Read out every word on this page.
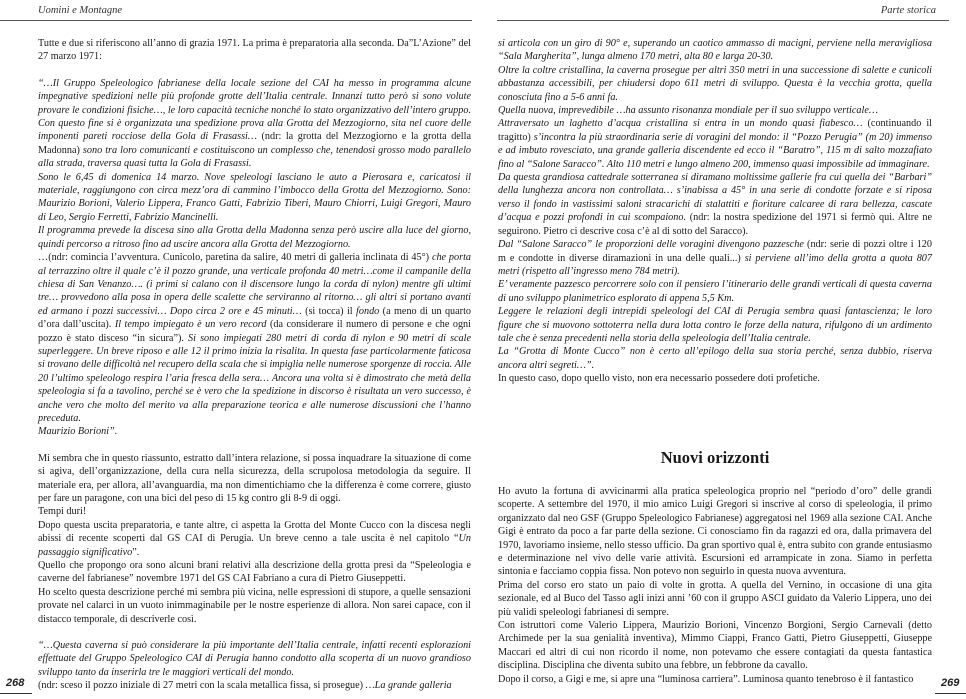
Uomini e Montagne

Tutte e due si riferiscono all’anno di grazia 1971. La prima è preparatoria alla seconda. Da”L’Azione” del 27 marzo 1971:

“…Il Gruppo Speleologico fabrianese della locale sezione del CAI ha messo in programma alcune impegnative spedizioni nelle più profonde grotte dell’Italia centrale. Innanzi tutto però si sono volute provare le condizioni fisiche…, le loro capacità tecniche nonché lo stato organizzativo dell’intero gruppo. Con questo fine si è organizzata una spedizione prova alla Grotta del Mezzogiorno, sita nel cuore delle imponenti pareti rocciose della Gola di Frasassi… (ndr: la grotta del Mezzogiorno e la grotta della Madonna) sono tra loro comunicanti e costituiscono un complesso che, tenendosi grosso modo parallelo alla strada, traversa quasi tutta la Gola di Frasassi.

Sono le 6,45 di domenica 14 marzo. Nove speleologi lasciano le auto a Pierosara e, caricatosi il materiale, raggiungono con circa mezz’ora di cammino l’imbocco della Grotta del Mezzogiorno. Sono: Maurizio Borioni, Valerio Lippera, Franco Gatti, Fabrizio Tiberi, Mauro Chiorri, Luigi Gregori, Mauro di Leo, Sergio Ferretti, Fabrizio Mancinelli.

Il programma prevede la discesa sino alla Grotta della Madonna senza però uscire alla luce del giorno, quindi percorso a ritroso fino ad uscire ancora alla Grotta del Mezzogiorno.

…(ndr: comincia l’avventura. Cunicolo, paretina da salire, 40 metri di galleria inclinata di 45°) che porta al terrazzino oltre il quale c’è il pozzo grande, una verticale profonda 40 metri…come il campanile della chiesa di San Venanzo…. (i primi si calano con il discensore lungo la corda di nylon) mentre gli ultimi tre… provvedono alla posa in opera delle scalette che serviranno al ritorno… gli altri si portano avanti ed armano i pozzi successivi… Dopo circa 2 ore e 45 minuti… (si tocca) il fondo (a meno di un quarto d’ora dall’uscita). Il tempo impiegato è un vero record (da considerare il numero di persone e che ogni pozzo è stato disceso “in sicura”). Si sono impiegati 280 metri di corda di nylon e 90 metri di scale superleggere. Un breve riposo e alle 12 il primo inizia la risalita. In questa fase particolarmente faticosa si trovano delle difficoltà nel recupero della scala che si impiglia nelle numerose sporgenze di roccia. Alle 20 l’ultimo speleologo respira l’aria fresca della sera… Ancora una volta si è dimostrato che metà della speleologia si fa a tavolino, perché se è vero che la spedizione in discorso è risultata un vero successo, è anche vero che molto del merito va alla preparazione teorica e alle numerose discussioni che l’hanno preceduta.

Maurizio Borioni”.

Mi sembra che in questo riassunto, estratto dall’intera relazione, si possa inquadrare la situazione di come si agiva, dell’organizzazione, della cura nella sicurezza, della scrupolosa metodologia da seguire. Il materiale era, per allora, all’avanguardia, ma non dimentichiamo che la differenza è come correre, giusto per fare un paragone, con una bici del peso di 15 kg contro gli 8-9 di oggi.

Tempi duri!

Dopo questa uscita preparatoria, e tante altre, ci aspetta la Grotta del Monte Cucco con la discesa negli abissi di recente scoperti dal GS CAI di Perugia. Un breve cenno a tale uscita è nel capitolo “Un passaggio significativo”.

Quello che propongo ora sono alcuni brani relativi alla descrizione della grotta presi da “Speleologia e caverne del fabrianese” novembre 1971 del GS CAI Fabriano a cura di Pietro Giuseppetti.

Ho scelto questa descrizione perché mi sembra più vicina, nelle espressioni di stupore, a quelle sensazioni provate nel calarci in un vuoto inimmaginabile per le nostre esperienze di allora. Non sarei capace, con il distacco temporale, di descriverle così.

“…Questa caverna si può considerare la più importante dell’Italia centrale, infatti recenti esplorazioni effettuate del Gruppo Speleologico CAI di Perugia hanno condotto alla scoperta di un nuovo grandioso sviluppo tanto da inserirla tre le maggiori verticali del mondo.

(ndr: sceso il pozzo iniziale di 27 metri con la scala metallica fissa, si prosegue) …La grande galleria

268
Parte storica

si articola con un giro di 90° e, superando un caotico ammasso di macigni, perviene nella meravigliosa “Sala Margherita”, lunga almeno 170 metri, alta 80 e larga 20-30.

Oltre la coltre cristallina, la caverna prosegue per altri 350 metri in una successione di salette e cunicoli abbastanza accessibili, per chiudersi dopo 611 metri di sviluppo. Questa è la vecchia grotta, quella conosciuta fino a 5-6 anni fa.

Quella nuova, imprevedibile …ha assunto risonanza mondiale per il suo sviluppo verticale…

Attraversato un laghetto d’acqua cristallina si entra in un mondo quasi fiabesco… (continuando il tragitto) s’incontra la più straordinaria serie di voragini del mondo: il “Pozzo Perugia” (m 20) immenso e ad imbuto rovesciato, una grande galleria discendente ed ecco il “Baratro”, 115 m di salto mozzafiato fino al “Salone Saracco”. Alto 110 metri e lungo almeno 200, immenso quasi impossibile ad immaginare.

Da questa grandiosa cattedrale sotterranea si diramano moltissime gallerie fra cui quella dei “Barbari” della lunghezza ancora non controllata… s’inabissa a 45° in una serie di condotte forzate e si riposa verso il fondo in vastissimi saloni stracarichi di stalattiti e fioriture calcaree di rara bellezza, cascate d’acqua e pozzi profondi in cui scompaiono. (ndr: la nostra spedizione del 1971 si fermò qui. Altre ne seguirono. Pietro ci descrive cosa c’è al di sotto del Saracco).

Dal “Salone Saracco” le proporzioni delle voragini divengono pazzesche (ndr: serie di pozzi oltre i 120 m e condotte in diverse diramazioni in una delle quali...) si perviene all’imo della grotta a quota 807 metri (rispetto all’ingresso meno 784 metri).

E’ veramente pazzesco percorrere solo con il pensiero l’itinerario delle grandi verticali di questa caverna di uno sviluppo planimetrico esplorato di appena 5,5 Km.

Leggere le relazioni degli intrepidi speleologi del CAI di Perugia sembra quasi fantascienza; le loro figure che si muovono sottoterra nella dura lotta contro le forze della natura, rifulgono di un ardimento tale che è senza precedenti nella storia della speleologia dell’Italia centrale.

La “Grotta di Monte Cucco” non è certo all’epilogo della sua storia perché, senza dubbio, riserva ancora altri segreti…”.

In questo caso, dopo quello visto, non era necessario possedere doti profetiche.

Nuovi orizzonti

Ho avuto la fortuna di avvicinarmi alla pratica speleologica proprio nel “periodo d’oro” delle grandi scoperte. A settembre del 1970, il mio amico Luigi Gregori si inscrive al corso di speleologia, il primo organizzato dal neo GSF (Gruppo Speleologico Fabrianese) aggregatosi nel 1969 alla sezione CAI. Anche Gigi è entrato da poco a far parte della sezione. Ci conosciamo fin da ragazzi ed ora, dalla primavera del 1970, lavoriamo insieme, nello stesso ufficio. Da gran sportivo qual è, entra subito con grande entusiasmo e determinazione nel vivo delle varie attività. Escursioni ed arrampicate in zona. Siamo in perfetta sintonia e facciamo coppia fissa. Non potevo non seguirlo in questa nuova avventura.

Prima del corso ero stato un paio di volte in grotta. A quella del Vernino, in occasione di una gita sezionale, ed al Buco del Tasso agli inizi anni ’60 con il gruppo ASCI guidato da Valerio Lippera, uno dei più validi speleologi fabrianesi di sempre.

Con istruttori come Valerio Lippera, Maurizio Borioni, Vincenzo Borgioni, Sergio Carnevali (detto Archimede per la sua genialità inventiva), Mimmo Ciappi, Franco Gatti, Pietro Giuseppetti, Giuseppe Maccari ed altri di cui non ricordo il nome, non potevamo che essere contagiati da questa fantastica disciplina. Disciplina che diventa subito una febbre, un febbrone da cavallo.

Dopo il corso, a Gigi e me, si apre una “luminosa carriera”. Luminosa quanto tenebroso è il fantastico	269
